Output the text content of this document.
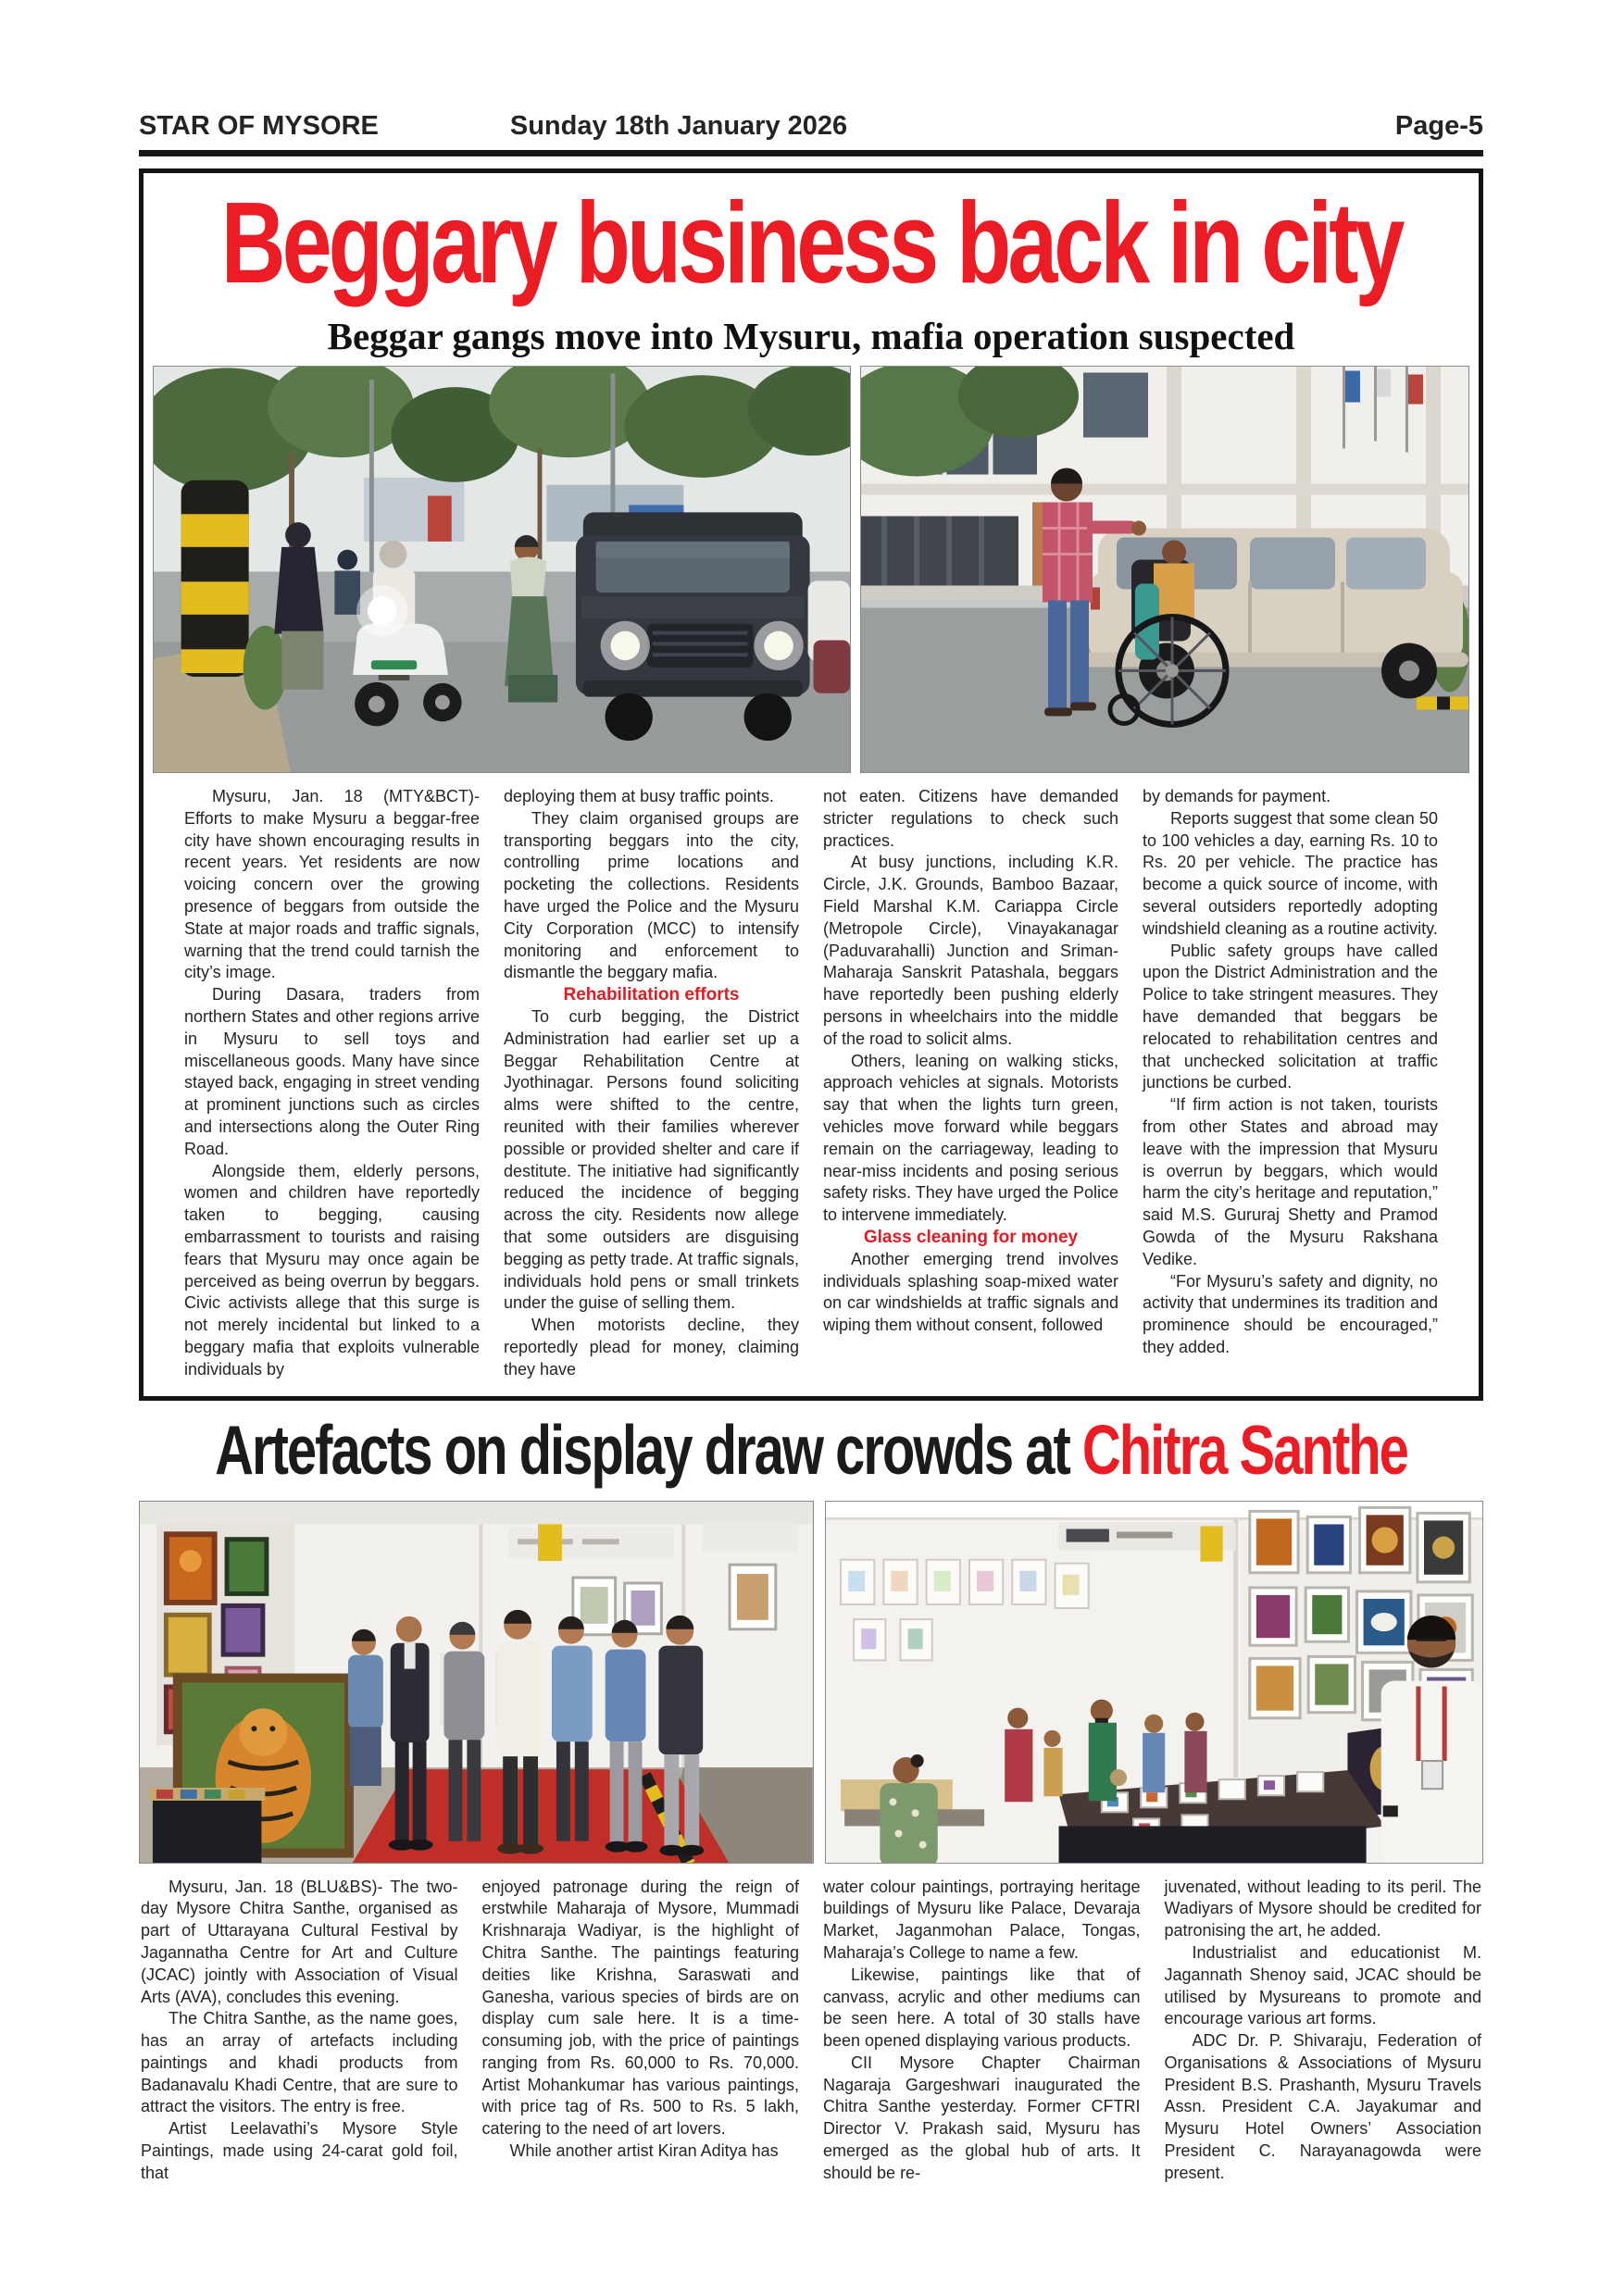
STAR OF MYSORE	Sunday 18th January 2026	Page-5
Beggary business back in city
Beggar gangs move into Mysuru, mafia operation suspected

Mysuru, Jan. 18 (MTY&BCT)- Efforts to make Mysuru a beggar-free city have shown encouraging results in recent years. Yet residents are now voicing concern over the growing presence of beggars from outside the State at major roads and traffic signals, warning that the trend could tarnish the city’s image.

During Dasara, traders from northern States and other regions arrive in Mysuru to sell toys and miscellaneous goods. Many have since stayed back, engaging in street vending at prominent junctions such as circles and intersections along the Outer Ring Road.

Alongside them, elderly persons, women and children have reportedly taken to begging, causing embarrassment to tourists and raising fears that Mysuru may once again be perceived as being overrun by beggars. Civic activists allege that this surge is not merely incidental but linked to a beggary mafia that exploits vulnerable individuals by

deploying them at busy traffic points.

They claim organised groups are transporting beggars into the city, controlling prime locations and pocketing the collections. Residents have urged the Police and the Mysuru City Corporation (MCC) to intensify monitoring and enforcement to dismantle the beggary mafia.

Rehabilitation efforts

To curb begging, the District Administration had earlier set up a Beggar Rehabilitation Centre at Jyothinagar. Persons found soliciting alms were shifted to the centre, reunited with their families wherever possible or provided shelter and care if destitute. The initiative had significantly reduced the incidence of begging across the city. Residents now allege that some outsiders are disguising begging as petty trade. At traffic signals, individuals hold pens or small trinkets under the guise of selling them.

When motorists decline, they reportedly plead for money, claiming they have

not eaten. Citizens have demanded stricter regulations to check such practices.

At busy junctions, including K.R. Circle, J.K. Grounds, Bamboo Bazaar, Field Marshal K.M. Cariappa Circle (Metropole Circle), Vinayakanagar (Paduvarahalli) Junction and Sriman-Maharaja Sanskrit Patashala, beggars have reportedly been pushing elderly persons in wheelchairs into the middle of the road to solicit alms.

Others, leaning on walking sticks, approach vehicles at signals. Motorists say that when the lights turn green, vehicles move forward while beggars remain on the carriageway, leading to near-miss incidents and posing serious safety risks. They have urged the Police to intervene immediately.

Glass cleaning for money

Another emerging trend involves individuals splashing soap-mixed water on car windshields at traffic signals and wiping them without consent, followed

by demands for payment.

Reports suggest that some clean 50 to 100 vehicles a day, earning Rs. 10 to Rs. 20 per vehicle. The practice has become a quick source of income, with several outsiders reportedly adopting windshield cleaning as a routine activity.

Public safety groups have called upon the District Administration and the Police to take stringent measures. They have demanded that beggars be relocated to rehabilitation centres and that unchecked solicitation at traffic junctions be curbed.

“If firm action is not taken, tourists from other States and abroad may leave with the impression that Mysuru is overrun by beggars, which would harm the city’s heritage and reputation,” said M.S. Gururaj Shetty and Pramod Gowda of the Mysuru Rakshana Vedike.

“For Mysuru’s safety and dignity, no activity that undermines its tradition and prominence should be encouraged,” they added.

Artefacts on display draw crowds at Chitra Santhe

Mysuru, Jan. 18 (BLU&BS)- The two-day Mysore Chitra Santhe, organised as part of Uttarayana Cultural Festival by Jagannatha Centre for Art and Culture (JCAC) jointly with Association of Visual Arts (AVA), concludes this evening.

The Chitra Santhe, as the name goes, has an array of artefacts including paintings and khadi products from Badanavalu Khadi Centre, that are sure to attract the visitors. The entry is free.

Artist Leelavathi’s Mysore Style Paintings, made using 24-carat gold foil, that

enjoyed patronage during the reign of erstwhile Maharaja of Mysore, Mummadi Krishnaraja Wadiyar, is the highlight of Chitra Santhe. The paintings featuring deities like Krishna, Saraswati and Ganesha, various species of birds are on display cum sale here. It is a time-consuming job, with the price of paintings ranging from Rs. 60,000 to Rs. 70,000. Artist Mohankumar has various paintings, with price tag of Rs. 500 to Rs. 5 lakh, catering to the need of art lovers.

While another artist Kiran Aditya has

water colour paintings, portraying heritage buildings of Mysuru like Palace, Devaraja Market, Jaganmohan Palace, Tongas, Maharaja’s College to name a few.

Likewise, paintings like that of canvass, acrylic and other mediums can be seen here. A total of 30 stalls have been opened displaying various products.

CII Mysore Chapter Chairman Nagaraja Gargeshwari inaugurated the Chitra Santhe yesterday. Former CFTRI Director V. Prakash said, Mysuru has emerged as the global hub of arts. It should be re-

juvenated, without leading to its peril. The Wadiyars of Mysore should be credited for patronising the art, he added.

Industrialist and educationist M. Jagannath Shenoy said, JCAC should be utilised by Mysureans to promote and encourage various art forms.

ADC Dr. P. Shivaraju, Federation of Organisations & Associations of Mysuru President B.S. Prashanth, Mysuru Travels Assn. President C.A. Jayakumar and Mysuru Hotel Owners’ Association President C. Narayanagowda were present.
